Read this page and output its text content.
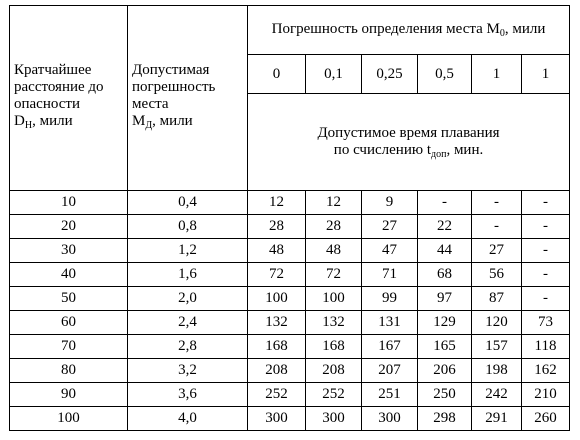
Кратчайшее
расстояние до
опасности
$D_Н$, мили	Допустимая
погрешность
места
$M_Д$, мили	Погрешность определения места $М_0$, мили					
		0	0,1	0,25	0,5	1	1

		Допустимое время плавания
по счислению $t_{доп}$, мин.					

10	0,4	12	12	9	-	-	-
20	0,8	28	28	27	22	-	-
30	1,2	48	48	47	44	27	-
40	1,6	72	72	71	68	56	-
50	2,0	100	100	99	97	87	-
60	2,4	132	132	131	129	120	73
70	2,8	168	168	167	165	157	118
80	3,2	208	208	207	206	198	162
90	3,6	252	252	251	250	242	210
100	4,0	300	300	300	298	291	260
